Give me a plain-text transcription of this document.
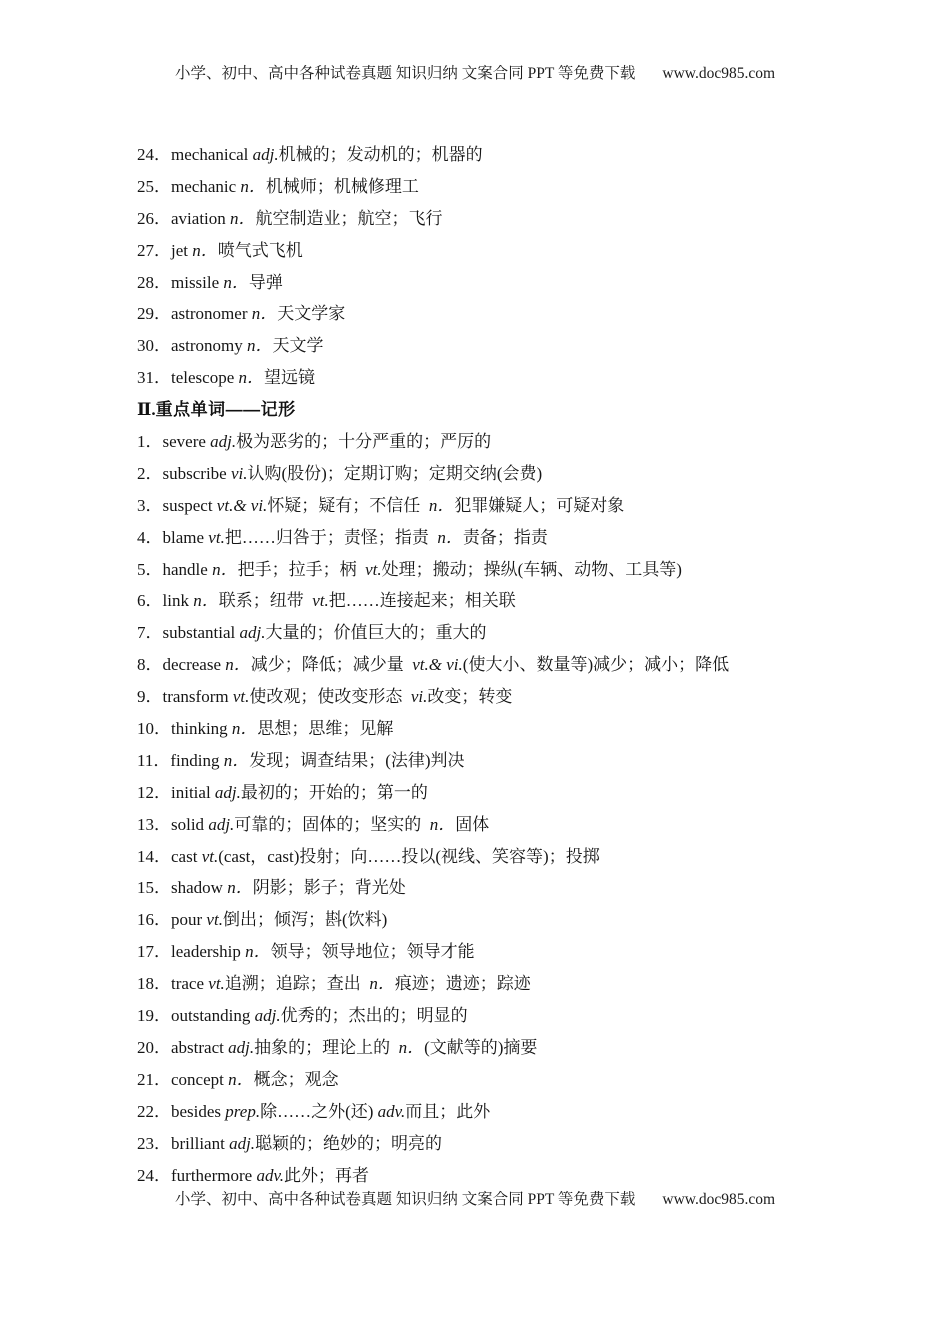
小学、初中、高中各种试卷真题 知识归纳 文案合同 PPT 等免费下载 www.doc985.com
24．mechanical adj.机械的；发动机的；机器的
25．mechanic n．机械师；机械修理工
26．aviation n．航空制造业；航空；飞行
27．jet n．喷气式飞机
28．missile n．导弹
29．astronomer n．天文学家
30．astronomy n．天文学
31．telescope n．望远镜
Ⅱ.重点单词——记形
1．severe adj.极为恶劣的；十分严重的；严厉的
2．subscribe vi.认购(股份)；定期订购；定期交纳(会费)
3．suspect vt.& vi.怀疑；疑有；不信任  n．犯罪嫌疑人；可疑对象
4．blame vt.把……归咎于；责怪；指责  n．责备；指责
5．handle n．把手；拉手；柄  vt.处理；搬动；操纵(车辆、动物、工具等)
6．link n．联系；纽带  vt.把……连接起来；相关联
7．substantial adj.大量的；价值巨大的；重大的
8．decrease n．减少；降低；减少量  vt.& vi.(使大小、数量等)减少；减小；降低
9．transform vt.使改观；使改变形态  vi.改变；转变
10．thinking n．思想；思维；见解
11．finding n．发现；调查结果；(法律)判决
12．initial adj.最初的；开始的；第一的
13．solid adj.可靠的；固体的；坚实的  n．固体
14．cast vt.(cast，cast)投射；向……投以(视线、笑容等)；投掷
15．shadow n．阴影；影子；背光处
16．pour vt.倒出；倾泻；斟(饮料)
17．leadership n．领导；领导地位；领导才能
18．trace vt.追溯；追踪；查出  n．痕迹；遗迹；踪迹
19．outstanding adj.优秀的；杰出的；明显的
20．abstract adj.抽象的；理论上的  n．(文献等的)摘要
21．concept n．概念；观念
22．besides prep.除……之外(还) adv.而且；此外
23．brilliant adj.聪颖的；绝妙的；明亮的
24．furthermore adv.此外；再者
小学、初中、高中各种试卷真题 知识归纳 文案合同 PPT 等免费下载 www.doc985.com
